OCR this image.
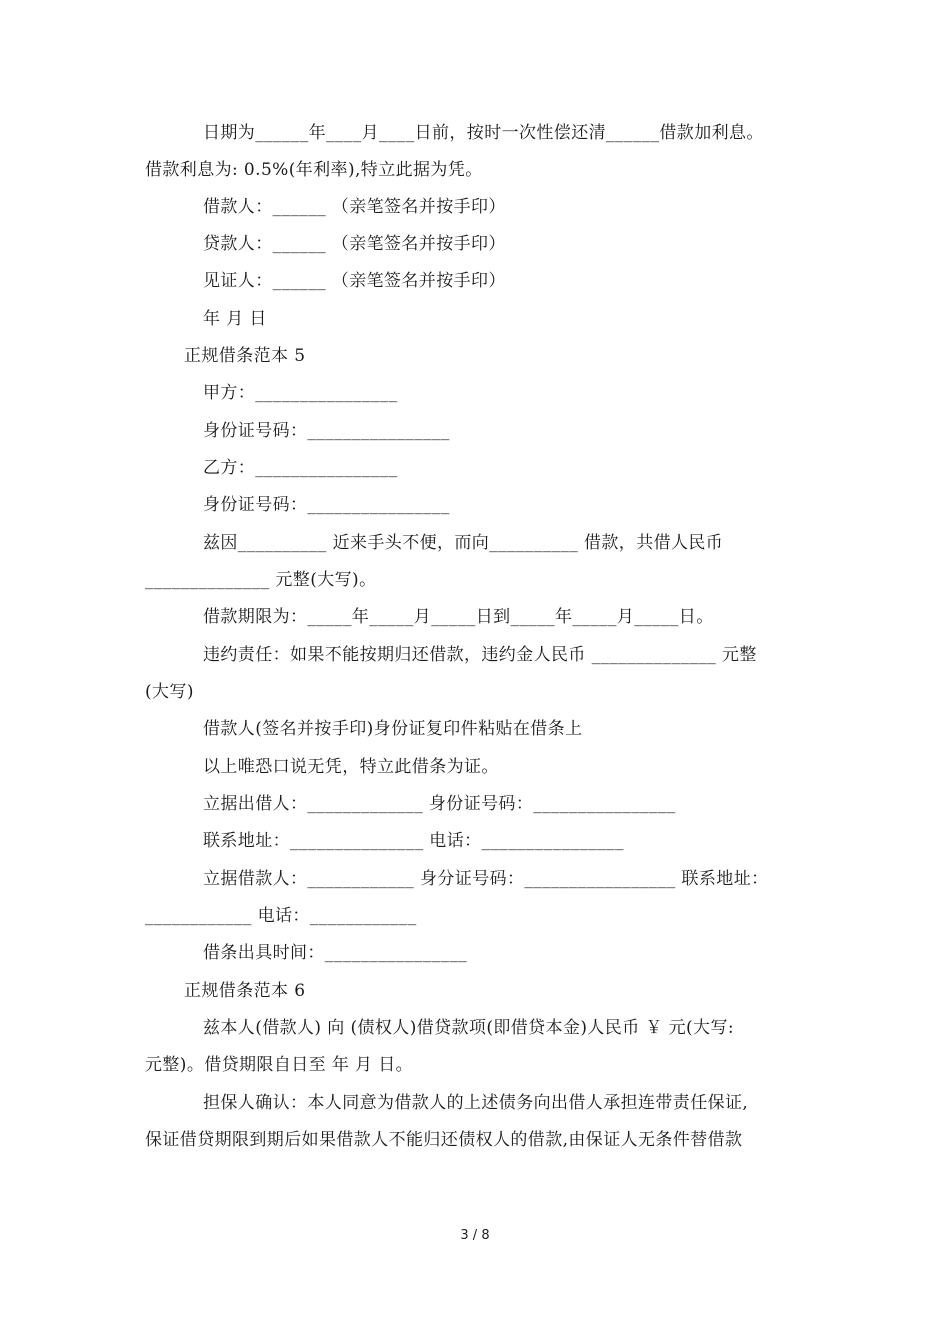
日期为______年____月____日前，按时一次性偿还清______借款加利息。
借款利息为: 0.5%(年利率),特立此据为凭。
借款人：______ （亲笔签名并按手印）
贷款人：______ （亲笔签名并按手印）
见证人：______ （亲笔签名并按手印）
年 月 日
正规借条范本 5
甲方：________________
身份证号码：________________
乙方：________________
身份证号码：________________
兹因__________ 近来手头不便，而向__________ 借款，共借人民币
______________ 元整(大写)。
借款期限为：_____年_____月_____日到_____年_____月_____日。
违约责任：如果不能按期归还借款，违约金人民币 ______________ 元整
(大写)
借款人(签名并按手印)身份证复印件粘贴在借条上
以上唯恐口说无凭，特立此借条为证。
立据出借人：_____________ 身份证号码：________________
联系地址：_______________ 电话：________________
立据借款人：____________ 身分证号码：_________________ 联系地址：
____________ 电话：____________
借条出具时间：________________
正规借条范本 6
兹本人(借款人) 向 (债权人)借贷款项(即借贷本金)人民币 ￥ 元(大写:
元整)。借贷期限自日至 年 月 日。
担保人确认：本人同意为借款人的上述债务向出借人承担连带责任保证,
保证借贷期限到期后如果借款人不能归还债权人的借款,由保证人无条件替借款
3 / 8
